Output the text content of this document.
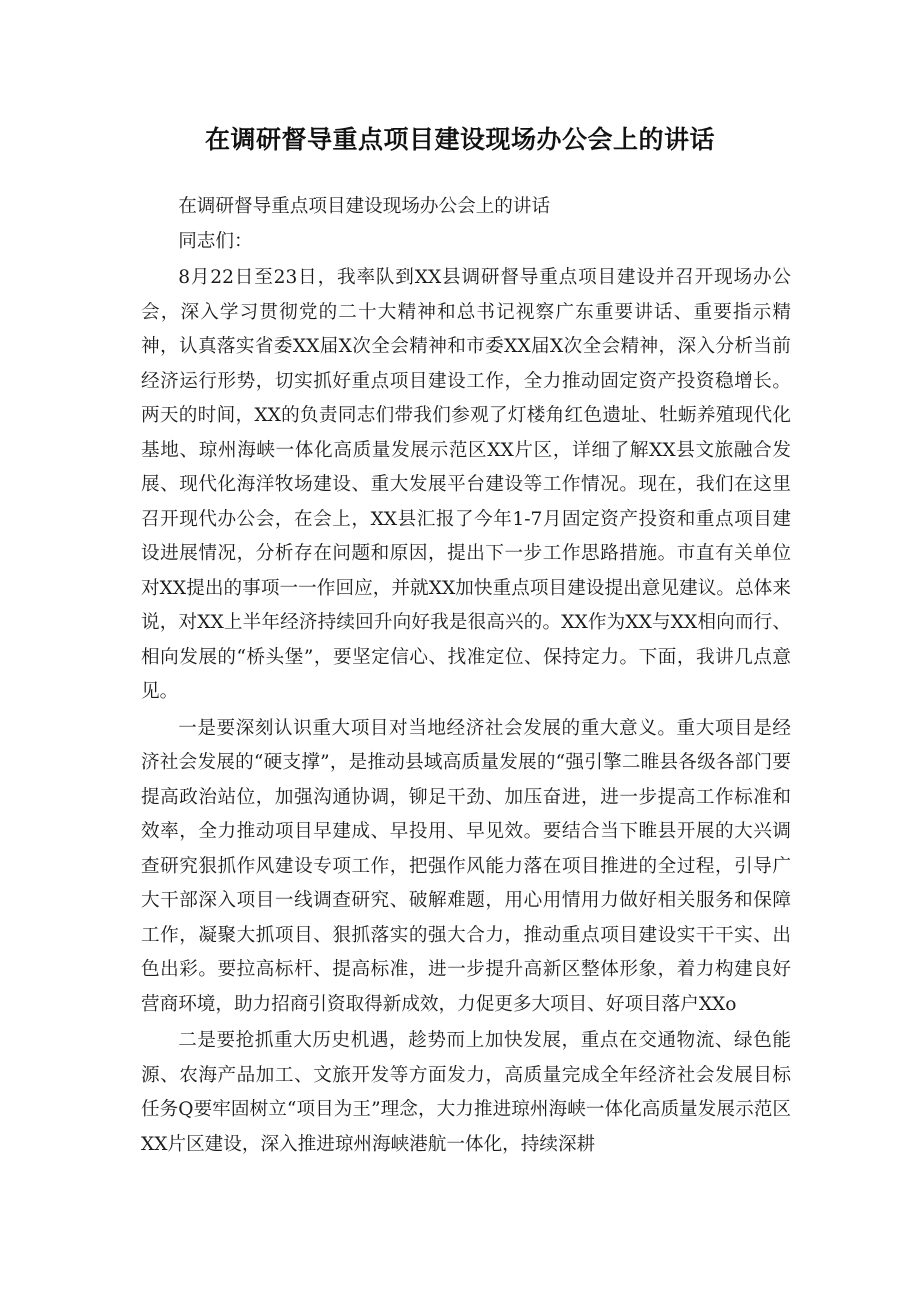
在调研督导重点项目建设现场办公会上的讲话

在调研督导重点项目建设现场办公会上的讲话

同志们：

8月22日至23日，我率队到XX县调研督导重点项目建设并召开现场办公会，深入学习贯彻党的二十大精神和总书记视察广东重要讲话、重要指示精神，认真落实省委XX届X次全会精神和市委XX届X次全会精神，深入分析当前经济运行形势，切实抓好重点项目建设工作，全力推动固定资产投资稳增长。两天的时间，XX的负责同志们带我们参观了灯楼角红色遗址、牡蛎养殖现代化基地、琼州海峡一体化高质量发展示范区XX片区，详细了解XX县文旅融合发展、现代化海洋牧场建设、重大发展平台建设等工作情况。现在，我们在这里召开现代办公会，在会上，XX县汇报了今年1-7月固定资产投资和重点项目建设进展情况，分析存在问题和原因，提出下一步工作思路措施。市直有关单位对XX提出的事项一一作回应，并就XX加快重点项目建设提出意见建议。总体来说，对XX上半年经济持续回升向好我是很高兴的。XX作为XX与XX相向而行、相向发展的“桥头堡”，要坚定信心、找准定位、保持定力。下面，我讲几点意见。

一是要深刻认识重大项目对当地经济社会发展的重大意义。重大项目是经济社会发展的“硬支撑”，是推动县域高质量发展的“强引擎二睢县各级各部门要提高政治站位，加强沟通协调，铆足干劲、加压奋进，进一步提高工作标准和效率，全力推动项目早建成、早投用、早见效。要结合当下睢县开展的大兴调查研究狠抓作风建设专项工作，把强作风能力落在项目推进的全过程，引导广大干部深入项目一线调查研究、破解难题，用心用情用力做好相关服务和保障工作，凝聚大抓项目、狠抓落实的强大合力，推动重点项目建设实干干实、出色出彩。要拉高标杆、提高标准，进一步提升高新区整体形象，着力构建良好营商环境，助力招商引资取得新成效，力促更多大项目、好项目落户XXo

二是要抢抓重大历史机遇，趁势而上加快发展，重点在交通物流、绿色能源、农海产品加工、文旅开发等方面发力，高质量完成全年经济社会发展目标任务Q要牢固树立“项目为王”理念，大力推进琼州海峡一体化高质量发展示范区XX片区建设，深入推进琼州海峡港航一体化，持续深耕
